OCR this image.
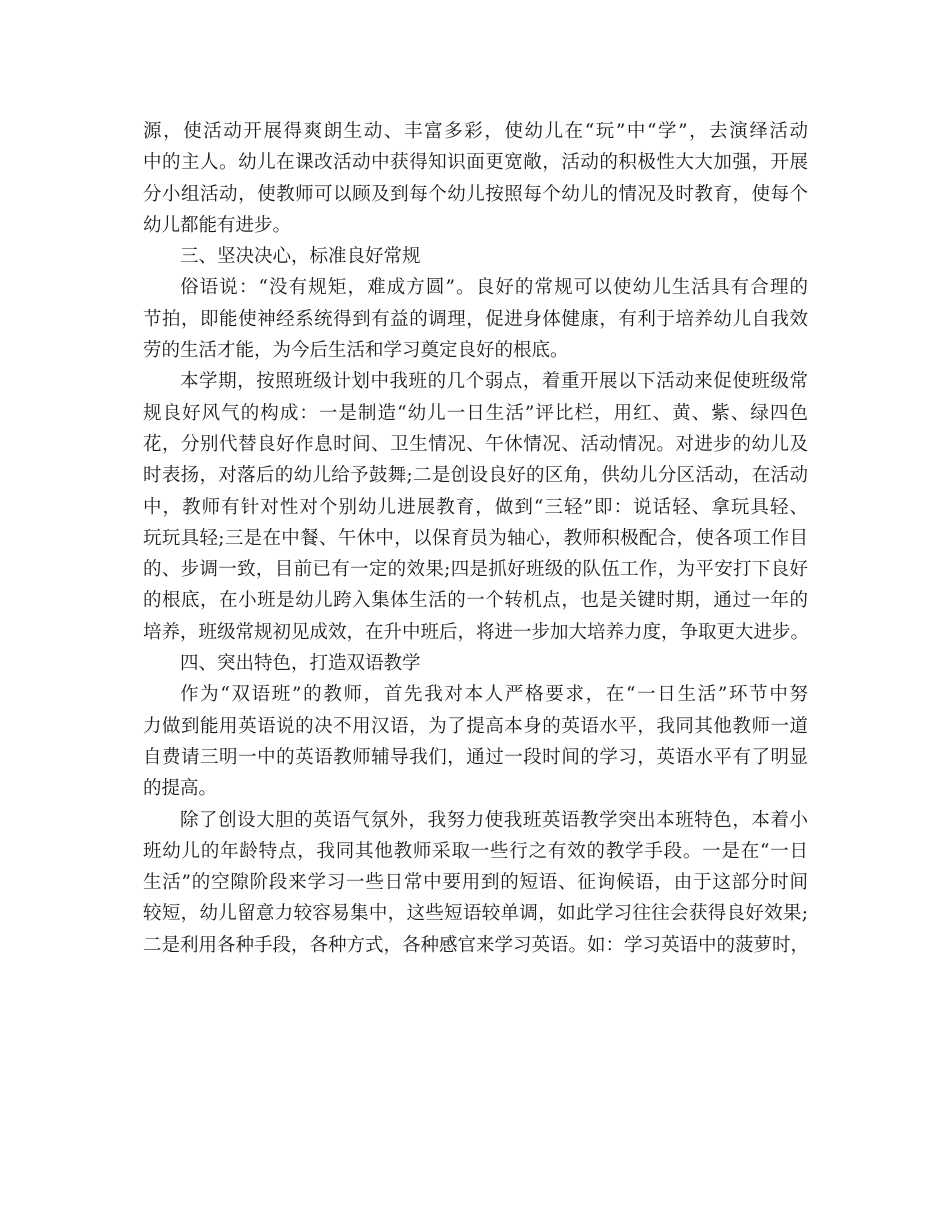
源，使活动开展得爽朗生动、丰富多彩，使幼儿在“玩”中“学”，去演绎活动
中的主人。幼儿在课改活动中获得知识面更宽敞，活动的积极性大大加强，开展
分小组活动，使教师可以顾及到每个幼儿按照每个幼儿的情况及时教育，使每个
幼儿都能有进步。
三、坚决决心，标准良好常规
俗语说：“没有规矩，难成方圆”。良好的常规可以使幼儿生活具有合理的
节拍，即能使神经系统得到有益的调理，促进身体健康，有利于培养幼儿自我效
劳的生活才能，为今后生活和学习奠定良好的根底。
本学期，按照班级计划中我班的几个弱点，着重开展以下活动来促使班级常
规良好风气的构成：一是制造“幼儿一日生活”评比栏，用红、黄、紫、绿四色
花，分别代替良好作息时间、卫生情况、午休情况、活动情况。对进步的幼儿及
时表扬，对落后的幼儿给予鼓舞;二是创设良好的区角，供幼儿分区活动，在活动
中，教师有针对性对个别幼儿进展教育，做到“三轻”即：说话轻、拿玩具轻、
玩玩具轻;三是在中餐、午休中，以保育员为轴心，教师积极配合，使各项工作目
的、步调一致，目前已有一定的效果;四是抓好班级的队伍工作，为平安打下良好
的根底，在小班是幼儿跨入集体生活的一个转机点，也是关键时期，通过一年的
培养，班级常规初见成效，在升中班后，将进一步加大培养力度，争取更大进步。
四、突出特色，打造双语教学
作为“双语班”的教师，首先我对本人严格要求，在“一日生活”环节中努
力做到能用英语说的决不用汉语，为了提高本身的英语水平，我同其他教师一道
自费请三明一中的英语教师辅导我们，通过一段时间的学习，英语水平有了明显
的提高。
除了创设大胆的英语气氛外，我努力使我班英语教学突出本班特色，本着小
班幼儿的年龄特点，我同其他教师采取一些行之有效的教学手段。一是在“一日
生活”的空隙阶段来学习一些日常中要用到的短语、征询候语，由于这部分时间
较短，幼儿留意力较容易集中，这些短语较单调，如此学习往往会获得良好效果;
二是利用各种手段，各种方式，各种感官来学习英语。如：学习英语中的菠萝时，
